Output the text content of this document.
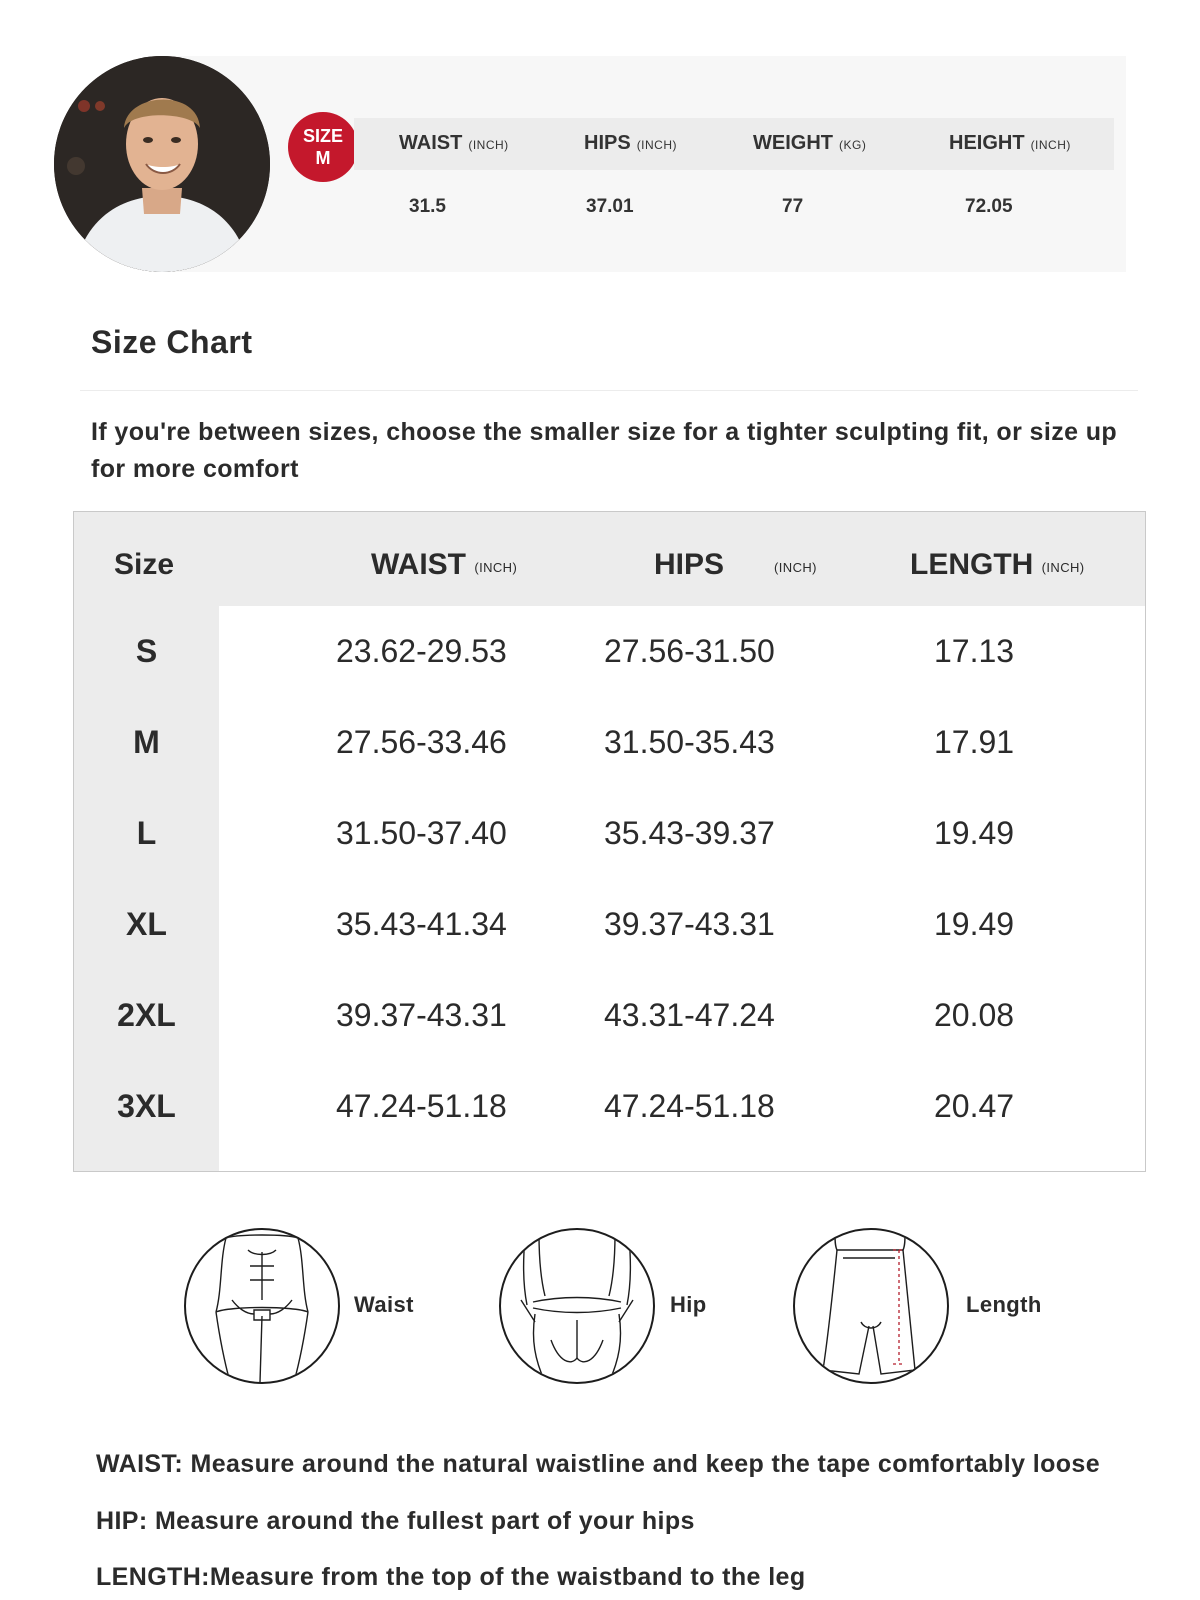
SIZE
M
WAIST (INCH)	HIPS (INCH)	WEIGHT (KG)	HEIGHT (INCH)
31.5	37.01	77	72.05
Size Chart
If you're between sizes, choose the smaller size for a tighter sculpting fit, or size up for more comfort
Size	WAIST (INCH)	HIPS	(INCH)	LENGTH (INCH)
S	23.62-29.53	27.56-31.50	17.13
M	27.56-33.46	31.50-35.43	17.91
L	31.50-37.40	35.43-39.37	19.49
XL	35.43-41.34	39.37-43.31	19.49
2XL	39.37-43.31	43.31-47.24	20.08
3XL	47.24-51.18	47.24-51.18	20.47
Waist	Hip	Length
WAIST: Measure around the natural waistline and keep the tape comfortably loose
HIP: Measure around the fullest part of your hips
LENGTH:Measure from the top of the waistband to the leg
